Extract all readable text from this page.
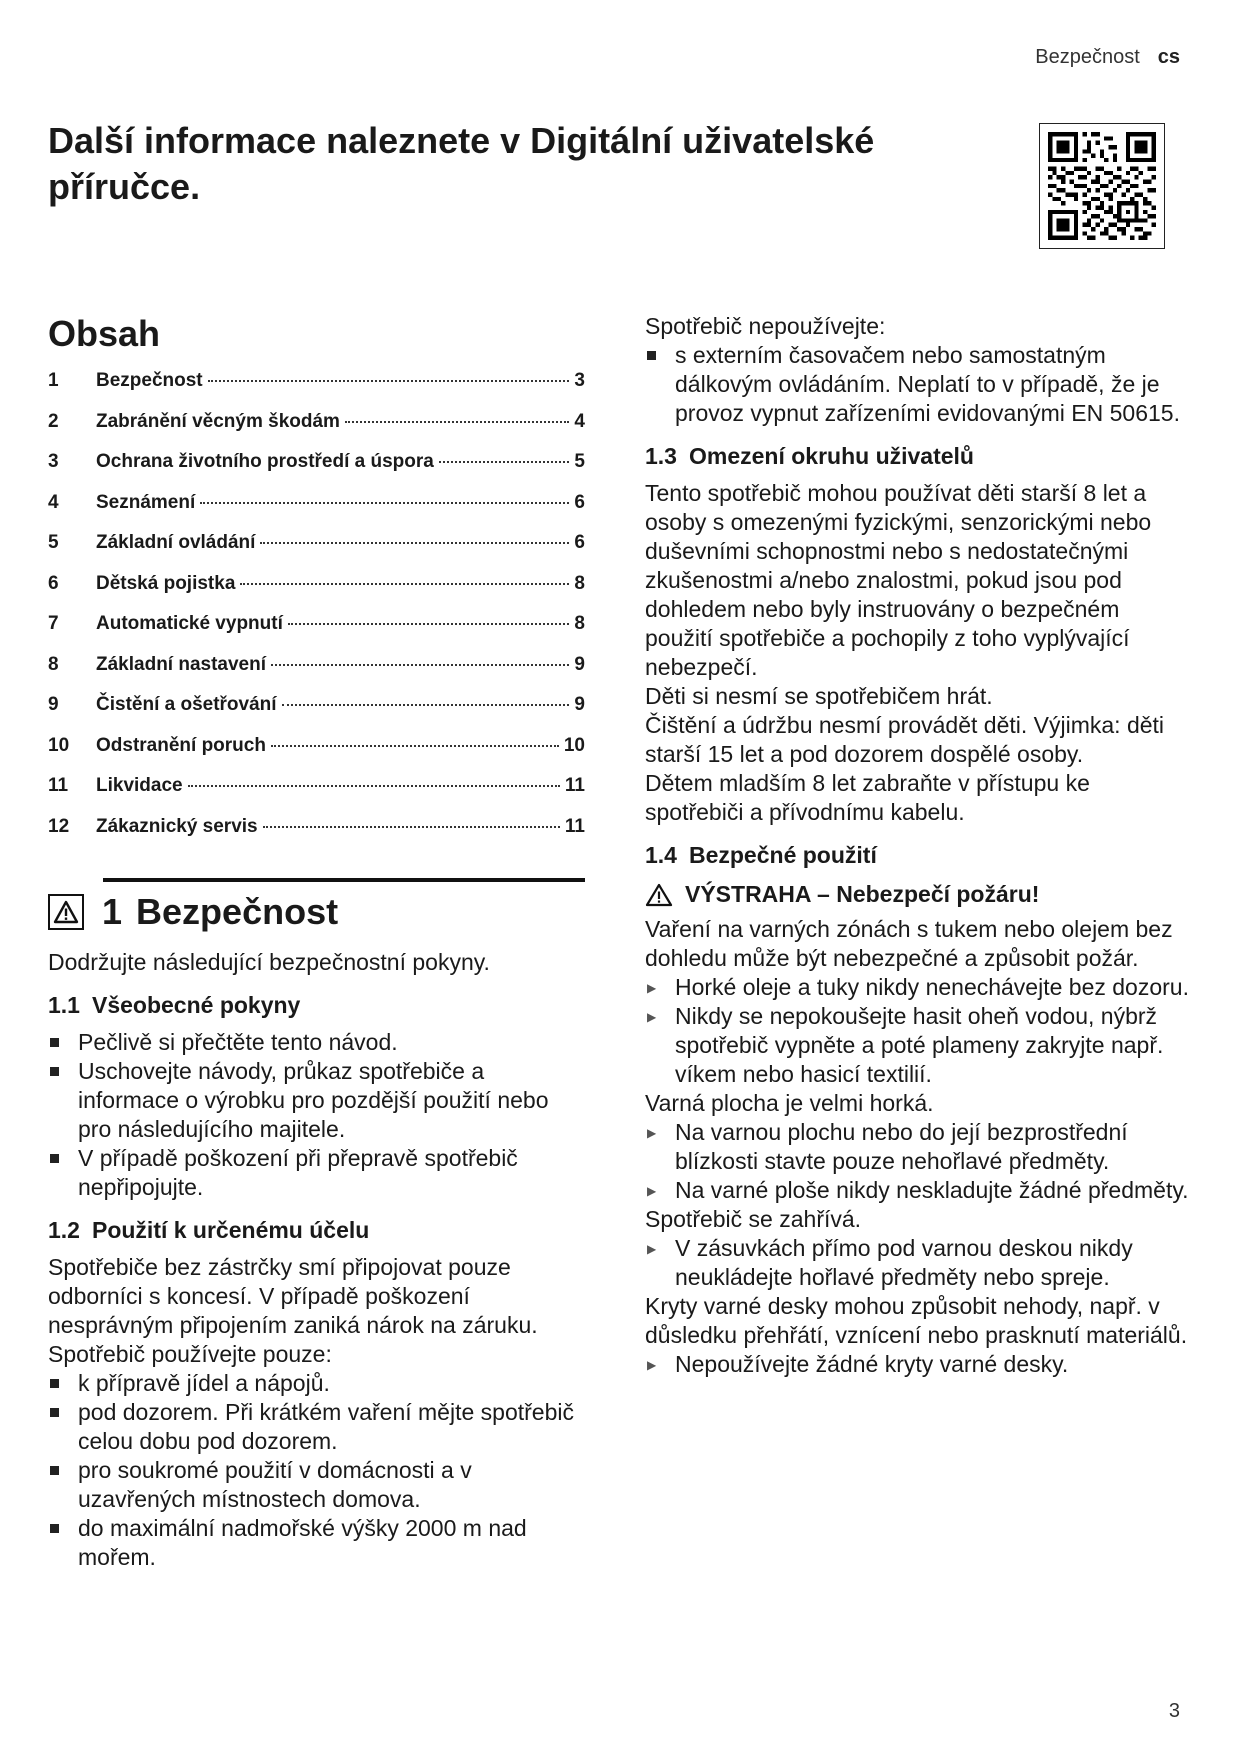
Bezpečnost cs
Další informace naleznete v Digitální uživatelské příručce.
Obsah
1	Bezpečnost	3
2	Zabránění věcným škodám	4
3	Ochrana životního prostředí a úspora	5
4	Seznámení	6
5	Základní ovládání	6
6	Dětská pojistka	8
7	Automatické vypnutí	8
8	Základní nastavení	9
9	Čistění a ošetřování	9
10	Odstranění poruch	10
11	Likvidace	11
12	Zákaznický servis	11
1 Bezpečnost

Dodržujte následující bezpečnostní pokyny.

1.1 Všeobecné pokyny
Pečlivě si přečtěte tento návod.
Uschovejte návody, průkaz spotřebiče a informace o výrobku pro pozdější použití nebo pro následujícího majitele.
V případě poškození při přepravě spotřebič nepřipojujte.
1.2 Použití k určenému účelu

Spotřebiče bez zástrčky smí připojovat pouze odborníci s koncesí. V případě poškození nesprávným připojením zaniká nárok na záruku.

Spotřebič používejte pouze:

k přípravě jídel a nápojů.
pod dozorem. Při krátkém vaření mějte spotřebič celou dobu pod dozorem.
pro soukromé použití v domácnosti a v uzavřených místnostech domova.
do maximální nadmořské výšky 2000 m nad mořem.

Spotřebič nepoužívejte:

s externím časovačem nebo samostatným dálkovým ovládáním. Neplatí to v případě, že je provoz vypnut zařízeními evidovanými EN 50615.
1.3 Omezení okruhu uživatelů

Tento spotřebič mohou používat děti starší 8 let a osoby s omezenými fyzickými, senzorickými nebo duševními schopnostmi nebo s nedostatečnými zkušenostmi a/nebo znalostmi, pokud jsou pod dohledem nebo byly instruovány o bezpečném použití spotřebiče a pochopily z toho vyplývající nebezpečí.

Děti si nesmí se spotřebičem hrát.

Čištění a údržbu nesmí provádět děti. Výjimka: děti starší 15 let a pod dozorem dospělé osoby.

Dětem mladším 8 let zabraňte v přístupu ke spotřebiči a přívodnímu kabelu.

1.4 Bezpečné použití
VÝSTRAHA – Nebezpečí požáru!

Vaření na varných zónách s tukem nebo olejem bez dohledu může být nebezpečné a způsobit požár.

▶ Horké oleje a tuky nikdy nenechávejte bez dozoru.
▶ Nikdy se nepokoušejte hasit oheň vodou, nýbrž spotřebič vypněte a poté plameny zakryjte např. víkem nebo hasicí textilií.

Varná plocha je velmi horká.

▶ Na varnou plochu nebo do její bezprostřední blízkosti stavte pouze nehořlavé předměty.
▶ Na varné ploše nikdy neskladujte žádné předměty.

Spotřebič se zahřívá.

▶ V zásuvkách přímo pod varnou deskou nikdy neukládejte hořlavé předměty nebo spreje.

Kryty varné desky mohou způsobit nehody, např. v důsledku přehřátí, vznícení nebo prasknutí materiálů.

▶ Nepoužívejte žádné kryty varné desky.
3
